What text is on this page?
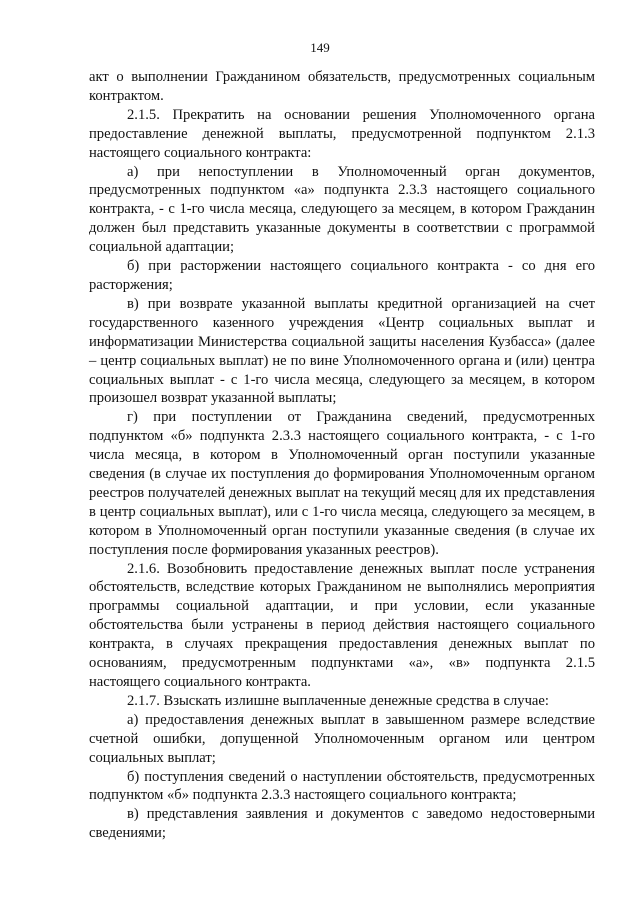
149

акт о выполнении Гражданином обязательств, предусмотренных социальным контрактом.

2.1.5. Прекратить на основании решения Уполномоченного органа предоставление денежной выплаты, предусмотренной подпунктом 2.1.3 настоящего социального контракта:

а) при непоступлении в Уполномоченный орган документов, предусмотренных подпунктом «а» подпункта 2.3.3 настоящего социального контракта, - с 1-го числа месяца, следующего за месяцем, в котором Гражданин должен был представить указанные документы в соответствии с программой социальной адаптации;

б) при расторжении настоящего социального контракта - со дня его расторжения;

в) при возврате указанной выплаты кредитной организацией на счет государственного казенного учреждения «Центр социальных выплат и информатизации Министерства социальной защиты населения Кузбасса» (далее – центр социальных выплат) не по вине Уполномоченного органа и (или) центра социальных выплат - с 1-го числа месяца, следующего за месяцем, в котором произошел возврат указанной выплаты;

г) при поступлении от Гражданина сведений, предусмотренных подпунктом «б» подпункта 2.3.3 настоящего социального контракта, - с 1-го числа месяца, в котором в Уполномоченный орган поступили указанные сведения (в случае их поступления до формирования Уполномоченным органом реестров получателей денежных выплат на текущий месяц для их представления в центр социальных выплат), или с 1-го числа месяца, следующего за месяцем, в котором в Уполномоченный орган поступили указанные сведения (в случае их поступления после формирования указанных реестров).

2.1.6. Возобновить предоставление денежных выплат после устранения обстоятельств, вследствие которых Гражданином не выполнялись мероприятия программы социальной адаптации, и при условии, если указанные обстоятельства были устранены в период действия настоящего социального контракта, в случаях прекращения предоставления денежных выплат по основаниям, предусмотренным подпунктами «а», «в» подпункта 2.1.5 настоящего социального контракта.

2.1.7. Взыскать излишне выплаченные денежные средства в случае:

а) предоставления денежных выплат в завышенном размере вследствие счетной ошибки, допущенной Уполномоченным органом или центром социальных выплат;

б) поступления сведений о наступлении обстоятельств, предусмотренных подпунктом «б» подпункта 2.3.3 настоящего социального контракта;

в) представления заявления и документов с заведомо недостоверными сведениями;
